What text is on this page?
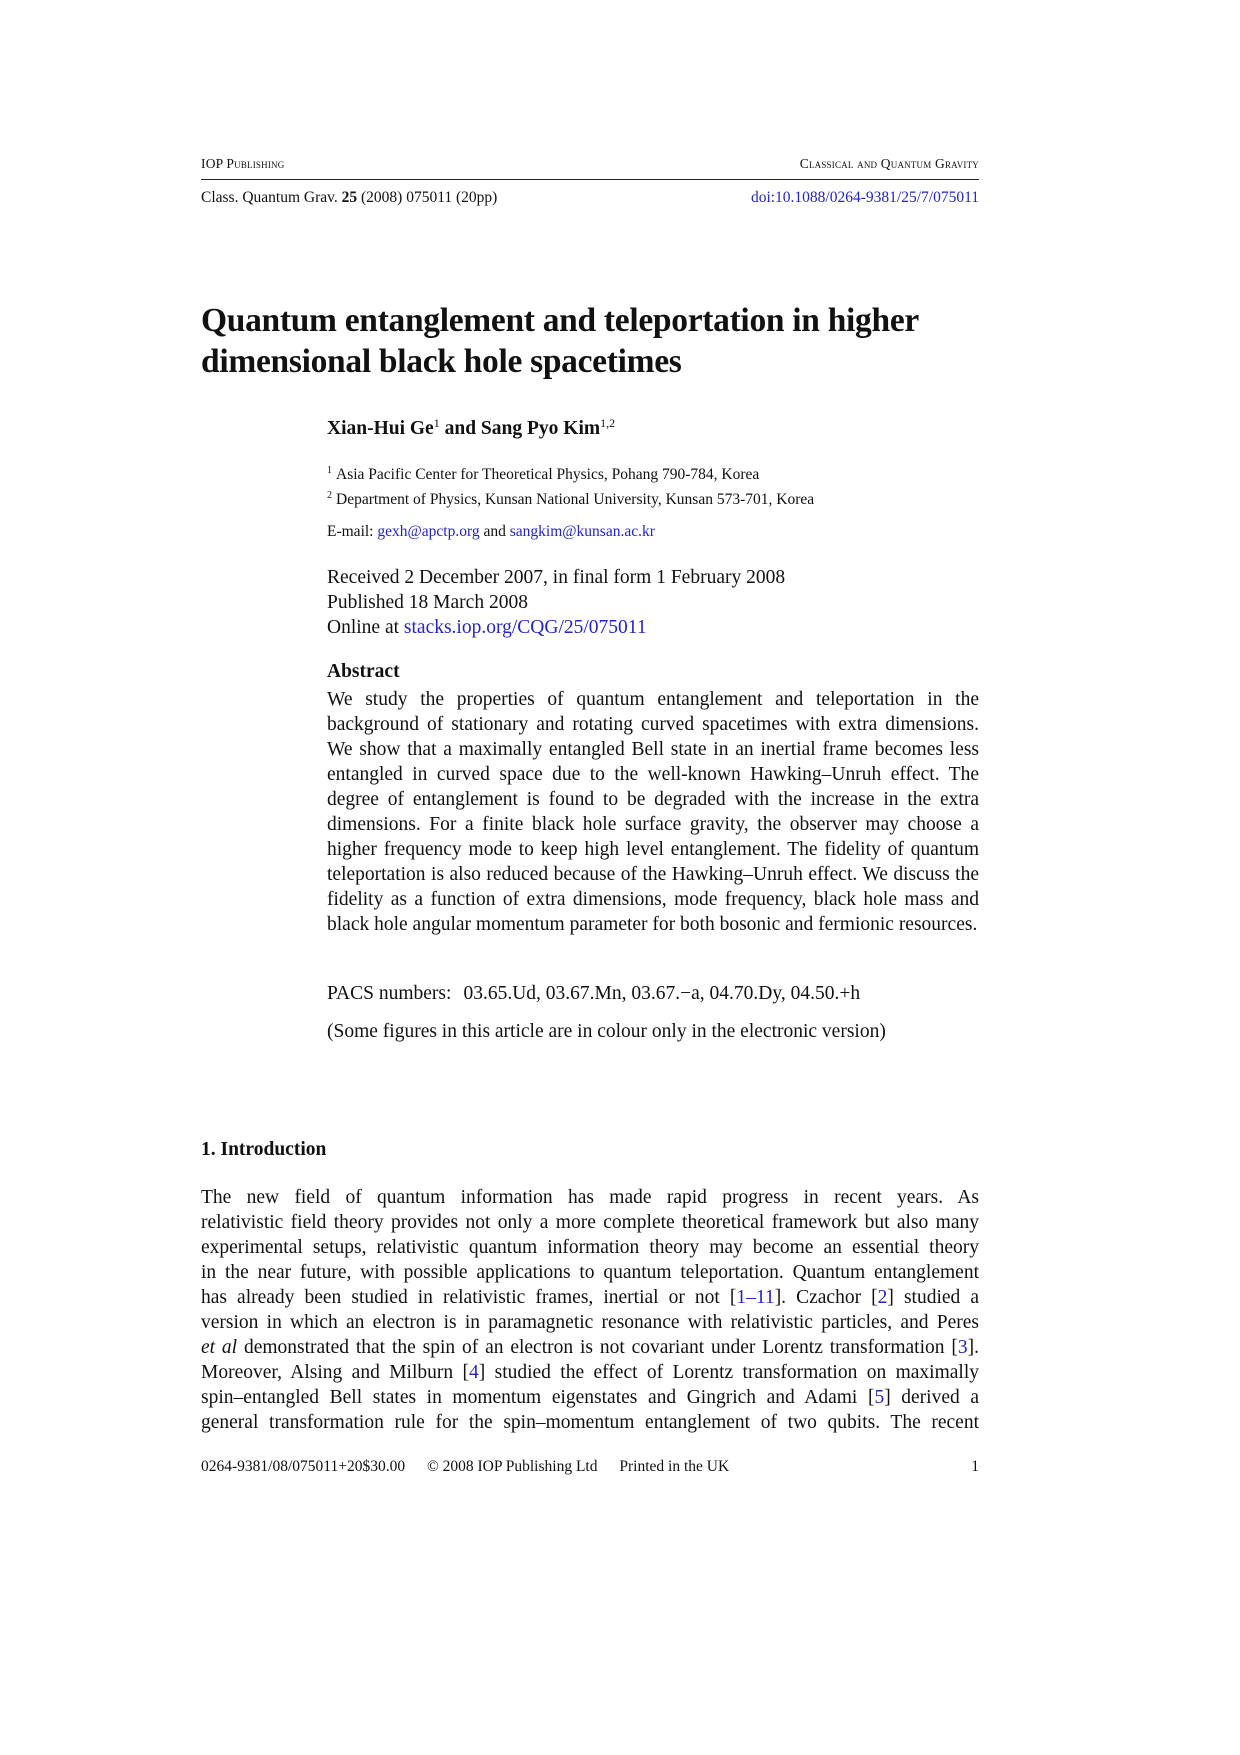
IOP Publishing	Classical and Quantum Gravity
Class. Quantum Grav. 25 (2008) 075011 (20pp)	doi:10.1088/0264-9381/25/7/075011
Quantum entanglement and teleportation in higher
dimensional black hole spacetimes
Xian-Hui Ge$^1$ and Sang Pyo Kim$^{1,2}$
$^1$ Asia Pacific Center for Theoretical Physics, Pohang 790-784, Korea
$^2$ Department of Physics, Kunsan National University, Kunsan 573-701, Korea
E-mail: gexh@apctp.org and sangkim@kunsan.ac.kr
Received 2 December 2007, in final form 1 February 2008
Published 18 March 2008
Online at stacks.iop.org/CQG/25/075011
Abstract
We study the properties of quantum entanglement and teleportation in the background of stationary and rotating curved spacetimes with extra dimensions. We show that a maximally entangled Bell state in an inertial frame becomes less entangled in curved space due to the well-known Hawking–Unruh effect. The degree of entanglement is found to be degraded with the increase in the extra dimensions. For a finite black hole surface gravity, the observer may choose a higher frequency mode to keep high level entanglement. The fidelity of quantum teleportation is also reduced because of the Hawking–Unruh effect. We discuss the fidelity as a function of extra dimensions, mode frequency, black hole mass and black hole angular momentum parameter for both bosonic and fermionic resources.
PACS numbers: 03.65.Ud, 03.67.Mn, 03.67.−a, 04.70.Dy, 04.50.+h
(Some figures in this article are in colour only in the electronic version)
1. Introduction
The new field of quantum information has made rapid progress in recent years. As
relativistic field theory provides not only a more complete theoretical framework but also many
experimental setups, relativistic quantum information theory may become an essential theory
in the near future, with possible applications to quantum teleportation. Quantum entanglement
has already been studied in relativistic frames, inertial or not [1–11]. Czachor [2] studied a
version in which an electron is in paramagnetic resonance with relativistic particles, and Peres
et al demonstrated that the spin of an electron is not covariant under Lorentz transformation [3].
Moreover, Alsing and Milburn [4] studied the effect of Lorentz transformation on maximally
spin–entangled Bell states in momentum eigenstates and Gingrich and Adami [5] derived a
general transformation rule for the spin–momentum entanglement of two qubits. The recent
0264-9381/08/075011+20$30.00 © 2008 IOP Publishing Ltd Printed in the UK	1
